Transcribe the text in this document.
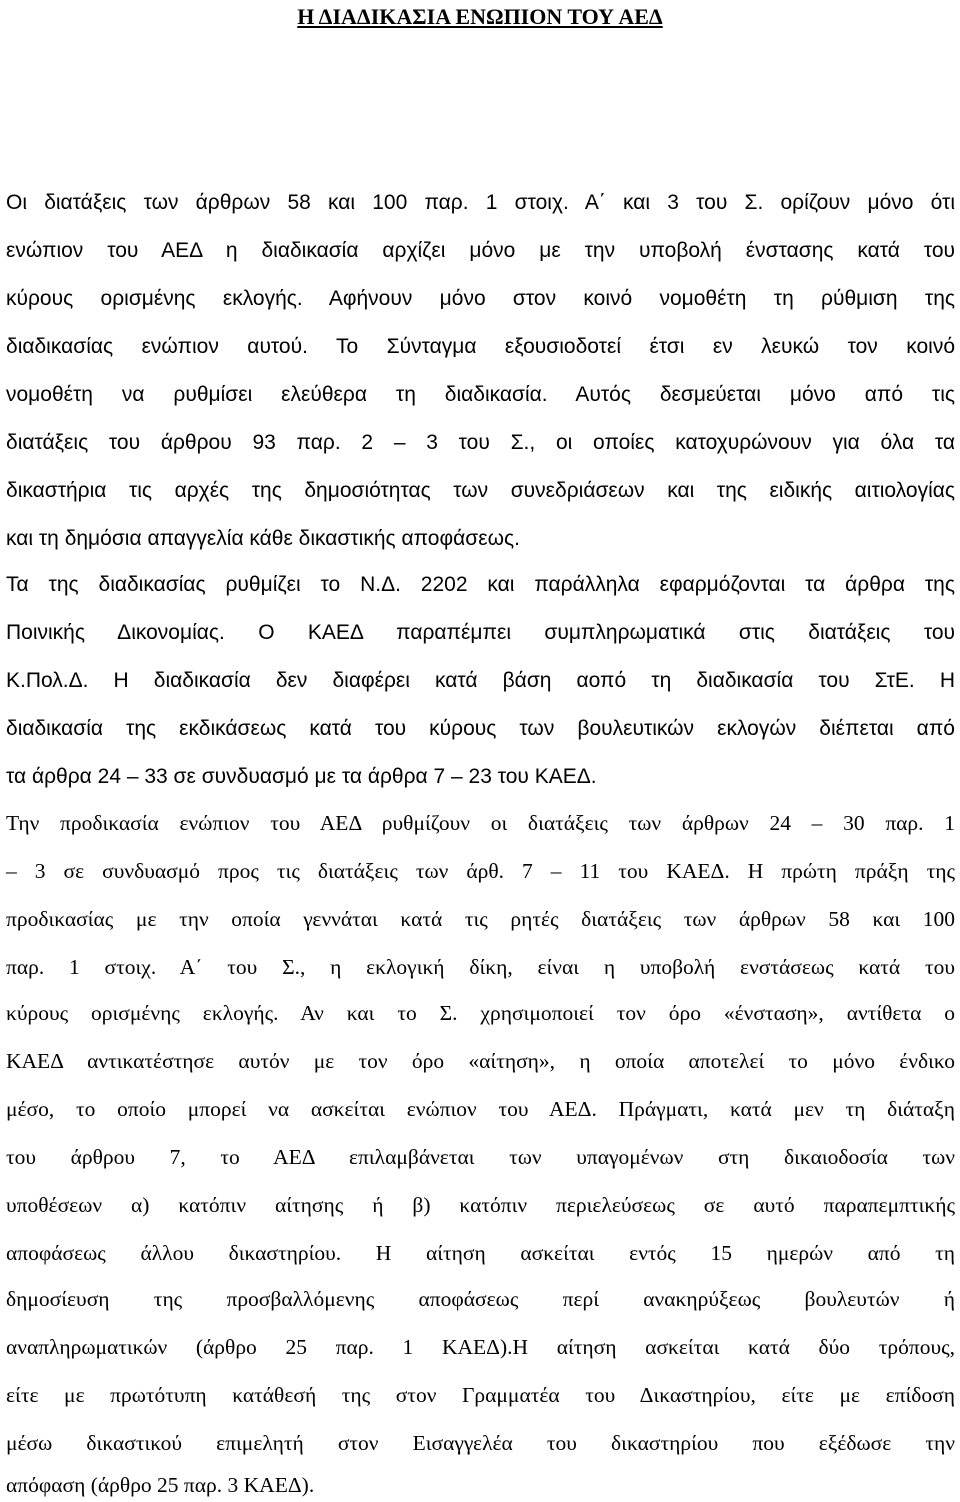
Η ΔΙΑΔΙΚΑΣΙΑ ΕΝΩΠΙΟΝ ΤΟΥ ΑΕΔ

Οι διατάξεις των άρθρων 58 και 100 παρ. 1 στοιχ. Α΄ και 3 του Σ. ορίζουν μόνο ότι

ενώπιον του ΑΕΔ η διαδικασία αρχίζει μόνο με την υποβολή ένστασης κατά του

κύρους ορισμένης εκλογής. Αφήνουν μόνο στον κοινό νομοθέτη τη ρύθμιση της

διαδικασίας ενώπιον αυτού. Το Σύνταγμα εξουσιοδοτεί έτσι εν λευκώ τον κοινό

νομοθέτη να ρυθμίσει ελεύθερα τη διαδικασία. Αυτός δεσμεύεται μόνο από τις

διατάξεις του άρθρου 93 παρ. 2 – 3 του Σ., οι οποίες κατοχυρώνουν για όλα τα

δικαστήρια τις αρχές της δημοσιότητας των συνεδριάσεων και της ειδικής αιτιολογίας

και τη δημόσια απαγγελία κάθε δικαστικής αποφάσεως.

Τα της διαδικασίας ρυθμίζει το Ν.Δ. 2202 και παράλληλα εφαρμόζονται τα άρθρα της

Ποινικής Δικονομίας. Ο ΚΑΕΔ παραπέμπει συμπληρωματικά στις διατάξεις του

Κ.Πολ.Δ. Η διαδικασία δεν διαφέρει κατά βάση αοπό τη διαδικασία του ΣτΕ. Η

διαδικασία της εκδικάσεως κατά του κύρους των βουλευτικών εκλογών διέπεται από

τα άρθρα 24 – 33 σε συνδυασμό με τα άρθρα 7 – 23 του ΚΑΕΔ.

Την προδικασία ενώπιον του ΑΕΔ ρυθμίζουν οι διατάξεις των άρθρων 24 – 30 παρ. 1

– 3 σε συνδυασμό προς τις διατάξεις των άρθ. 7 – 11 του ΚΑΕΔ. Η πρώτη πράξη της

προδικασίας με την οποία γεννάται κατά τις ρητές διατάξεις των άρθρων 58 και 100

παρ. 1 στοιχ. Α΄ του Σ., η εκλογική δίκη, είναι η υποβολή ενστάσεως κατά του

κύρους ορισμένης εκλογής. Αν και το Σ. χρησιμοποιεί τον όρο «ένσταση», αντίθετα ο

ΚΑΕΔ αντικατέστησε αυτόν με τον όρο «αίτηση», η οποία αποτελεί το μόνο ένδικο

μέσο, το οποίο μπορεί να ασκείται ενώπιον του ΑΕΔ. Πράγματι, κατά μεν τη διάταξη

του άρθρου 7, το ΑΕΔ επιλαμβάνεται των υπαγομένων στη δικαιοδοσία των

υποθέσεων α) κατόπιν αίτησης ή β) κατόπιν περιελεύσεως σε αυτό παραπεμπτικής

αποφάσεως άλλου δικαστηρίου. Η αίτηση ασκείται εντός 15 ημερών από τη

δημοσίευση της προσβαλλόμενης αποφάσεως περί ανακηρύξεως βουλευτών ή

αναπληρωματικών (άρθρο 25 παρ. 1 ΚΑΕΔ).Η αίτηση ασκείται κατά δύο τρόπους,

είτε με πρωτότυπη κατάθεσή της στον Γραμματέα του Δικαστηρίου, είτε με επίδοση

μέσω δικαστικού επιμελητή στον Εισαγγελέα του δικαστηρίου που εξέδωσε την

απόφαση (άρθρο 25 παρ. 3 ΚΑΕΔ).
